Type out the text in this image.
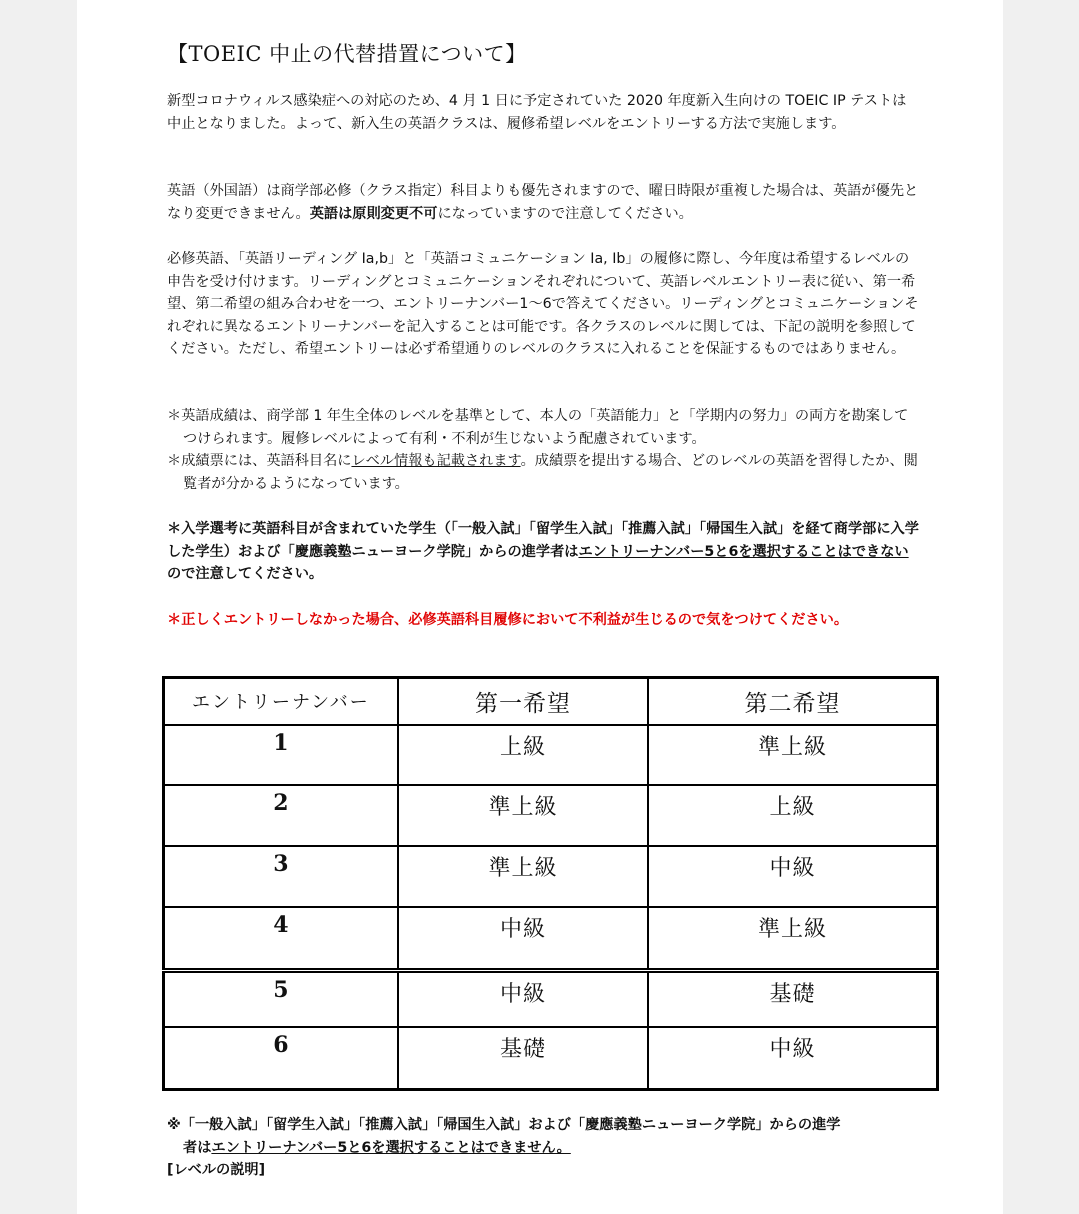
【TOEIC 中止の代替措置について】

新型コロナウィルス感染症への対応のため、4 月 1 日に予定されていた 2020 年度新入生向けの TOEIC IP テストは中止となりました。よって、新入生の英語クラスは、履修希望レベルをエントリーする方法で実施します。

英語（外国語）は商学部必修（クラス指定）科目よりも優先されますので、曜日時限が重複した場合は、英語が優先となり変更できません。英語は原則変更不可になっていますので注意してください。

必修英語、「英語リーディング Ia,b」と「英語コミュニケーション Ia, Ib」の履修に際し、今年度は希望するレベルの申告を受け付けます。リーディングとコミュニケーションそれぞれについて、英語レベルエントリー表に従い、第一希望、第二希望の組み合わせを一つ、エントリーナンバー1～6で答えてください。リーディングとコミュニケーションそれぞれに異なるエントリーナンバーを記入することは可能です。各クラスのレベルに関しては、下記の説明を参照してください。ただし、希望エントリーは必ず希望通りのレベルのクラスに入れることを保証するものではありません。

＊英語成績は、商学部 1 年生全体のレベルを基準として、本人の「英語能力」と「学期内の努力」の両方を勘案してつけられます。履修レベルによって有利・不利が生じないよう配慮されています。

＊成績票には、英語科目名にレベル情報も記載されます。成績票を提出する場合、どのレベルの英語を習得したか、閲覧者が分かるようになっています。

＊入学選考に英語科目が含まれていた学生（「一般入試」「留学生入試」「推薦入試」「帰国生入試」を経て商学部に入学した学生）および「慶應義塾ニューヨーク学院」からの進学者はエントリーナンバー5と6を選択することはできないので注意してください。

＊正しくエントリーしなかった場合、必修英語科目履修において不利益が生じるので気をつけてください。

※「一般入試」「留学生入試」「推薦入試」「帰国生入試」および「慶應義塾ニューヨーク学院」からの進学

者はエントリーナンバー5と6を選択することはできません。

[レベルの説明]

エントリーナンバー	第一希望	第二希望
1	上級	準上級
2	準上級	上級
3	準上級	中級
4	中級	準上級
5	中級	基礎
6	基礎	中級
